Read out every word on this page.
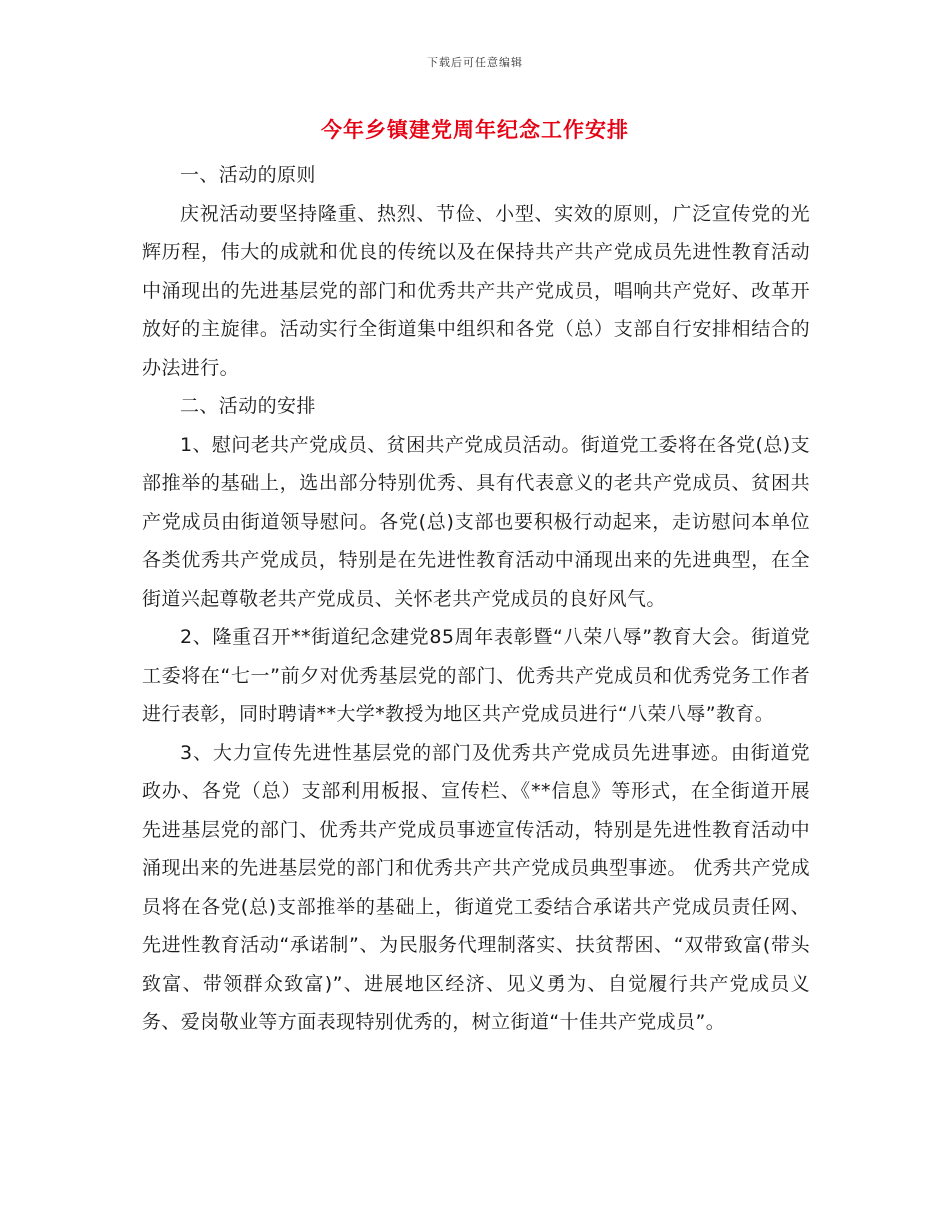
下载后可任意编辑
今年乡镇建党周年纪念工作安排

一、活动的原则

庆祝活动要坚持隆重、热烈、节俭、小型、实效的原则，广泛宣传党的光辉历程，伟大的成就和优良的传统以及在保持共产共产党成员先进性教育活动中涌现出的先进基层党的部门和优秀共产共产党成员，唱响共产党好、改革开放好的主旋律。活动实行全街道集中组织和各党（总）支部自行安排相结合的办法进行。

二、活动的安排

1、慰问老共产党成员、贫困共产党成员活动。街道党工委将在各党(总)支部推举的基础上，选出部分特别优秀、具有代表意义的老共产党成员、贫困共产党成员由街道领导慰问。各党(总)支部也要积极行动起来，走访慰问本单位各类优秀共产党成员，特别是在先进性教育活动中涌现出来的先进典型，在全街道兴起尊敬老共产党成员、关怀老共产党成员的良好风气。

2、隆重召开**街道纪念建党85周年表彰暨“八荣八辱”教育大会。街道党工委将在“七一”前夕对优秀基层党的部门、优秀共产党成员和优秀党务工作者进行表彰，同时聘请**大学*教授为地区共产党成员进行“八荣八辱”教育。

3、大力宣传先进性基层党的部门及优秀共产党成员先进事迹。由街道党政办、各党（总）支部利用板报、宣传栏、《**信息》等形式，在全街道开展先进基层党的部门、优秀共产党成员事迹宣传活动，特别是先进性教育活动中涌现出来的先进基层党的部门和优秀共产共产党成员典型事迹。 优秀共产党成员将在各党(总)支部推举的基础上，街道党工委结合承诺共产党成员责任网、先进性教育活动“承诺制”、为民服务代理制落实、扶贫帮困、“双带致富(带头致富、带领群众致富)”、进展地区经济、见义勇为、自觉履行共产党成员义务、爱岗敬业等方面表现特别优秀的，树立街道“十佳共产党成员”。
